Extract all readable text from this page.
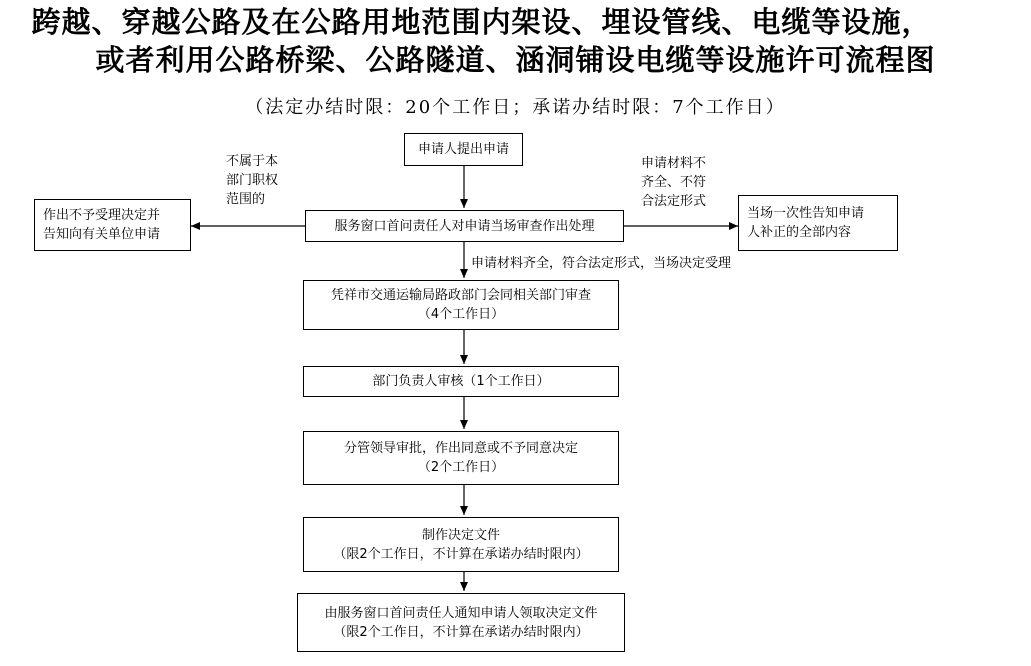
跨越、穿越公路及在公路用地范围内架设、埋设管线、电缆等设施，
或者利用公路桥梁、公路隧道、涵洞铺设电缆等设施许可流程图
（法定办结时限：20个工作日；承诺办结时限：7个工作日）
申请人提出申请
服务窗口首问责任人对申请当场审查作出处理
作出不予受理决定并
告知向有关单位申请
当场一次性告知申请
人补正的全部内容
凭祥市交通运输局路政部门会同相关部门审查
（4个工作日）
部门负责人审核（1个工作日）
分管领导审批，作出同意或不予同意决定
（2个工作日）
制作决定文件
（限2个工作日，不计算在承诺办结时限内）
由服务窗口首问责任人通知申请人领取决定文件
（限2个工作日，不计算在承诺办结时限内）
不属于本
部门职权
范围的
申请材料不
齐全、不符
合法定形式
申请材料齐全，符合法定形式，当场决定受理
